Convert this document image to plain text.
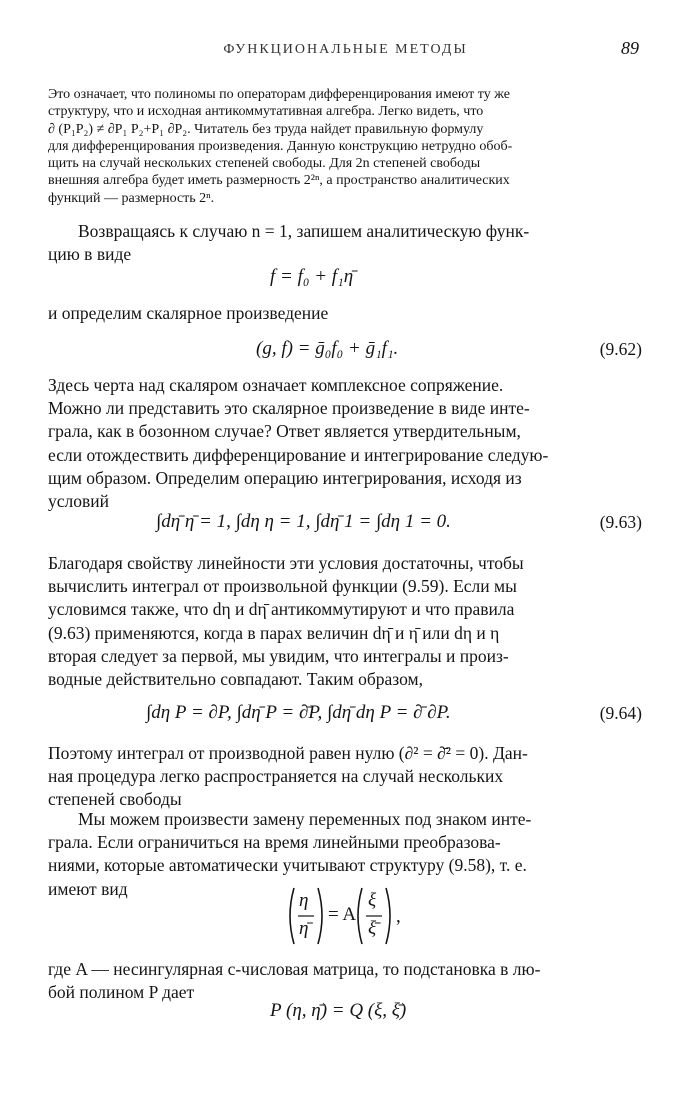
ФУНКЦИОНАЛЬНЫЕ МЕТОДЫ	89
Это означает, что полиномы по операторам дифференцирования имеют ту же
структуру, что и исходная антикоммутативная алгебра. Легко видеть, что
∂ (P₁P₂) ≠ ∂P₁ P₂+P₁ ∂P₂. Читатель без труда найдет правильную формулу
для дифференцирования произведения. Данную конструкцию нетрудно обоб-
щить на случай нескольких степеней свободы. Для 2n степеней свободы
внешняя алгебра будет иметь размерность 2²ⁿ, а пространство аналитических
функций — размерность 2ⁿ.
Возвращаясь к случаю n = 1, запишем аналитическую функ-
цию в виде
f = f₀ + f₁η̄
и определим скалярное произведение
(g, f) = ḡ₀f₀ + ḡ₁f₁.	(9.62)
Здесь черта над скаляром означает комплексное сопряжение.
Можно ли представить это скалярное произведение в виде инте-
грала, как в бозонном случае? Ответ является утвердительным,
если отождествить дифференцирование и интегрирование следую-
щим образом. Определим операцию интегрирования, исходя из
условий
∫dη̄ η̄ = 1, ∫dη η = 1, ∫dη̄ 1 = ∫dη 1 = 0.	(9.63)
Благодаря свойству линейности эти условия достаточны, чтобы
вычислить интеграл от произвольной функции (9.59). Если мы
условимся также, что dη и dη̄ антикоммутируют и что правила
(9.63) применяются, когда в парах величин dη̄ и η̄ или dη и η
вторая следует за первой, мы увидим, что интегралы и произ-
водные действительно совпадают. Таким образом,
∫dη P = ∂P, ∫dη̄ P = ∂̄P, ∫dη̄ dη P = ∂̄ ∂P.	(9.64)
Поэтому интеграл от производной равен нулю (∂² = ∂̄² = 0). Дан-
ная процедура легко распространяется на случай нескольких
степеней свободы
Мы можем произвести замену переменных под знаком инте-
грала. Если ограничиться на время линейными преобразова-
ниями, которые автоматически учитывают структуру (9.58), т. е.
имеют вид
η
η̄
= A
ξ
ξ̄
,
где A — несингулярная c-числовая матрица, то подстановка в лю-
бой полином P дает
P (η, η̄) = Q (ξ, ξ̄)
